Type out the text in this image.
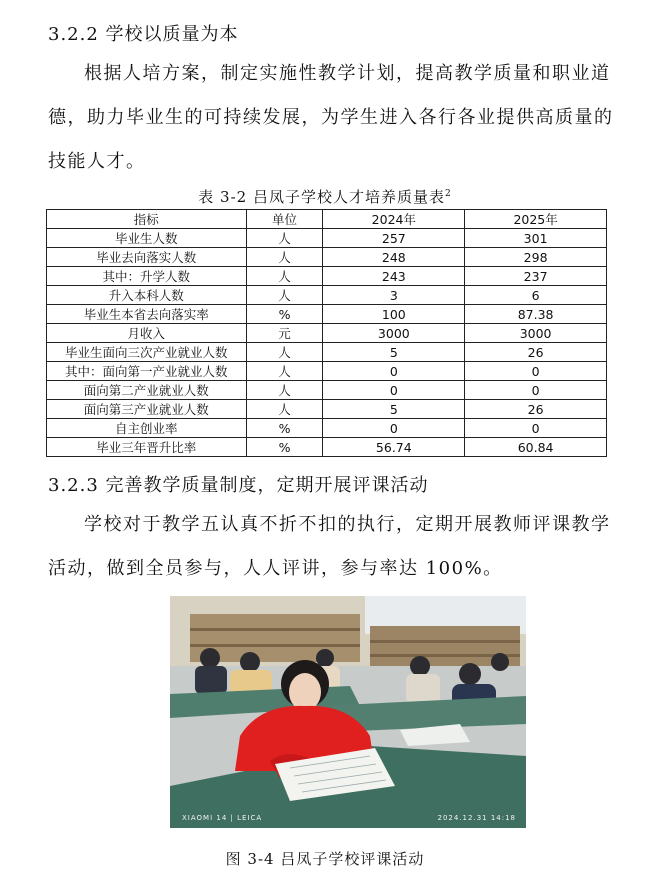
3.2.2 学校以质量为本

根据人培方案，制定实施性教学计划，提高教学质量和职业道德，助力毕业生的可持续发展，为学生进入各行各业提供高质量的技能人才。

表 3-2 吕凤子学校人才培养质量表$^2$
指标	单位	2024年	2025年
毕业生人数	人	257	301
毕业去向落实人数	人	248	298
其中：升学人数	人	243	237
升入本科人数	人	3	6
毕业生本省去向落实率	%	100	87.38
月收入	元	3000	3000
毕业生面向三次产业就业人数	人	5	26
其中：面向第一产业就业人数	人	0	0
面向第二产业就业人数	人	0	0
面向第三产业就业人数	人	5	26
自主创业率	%	0	0
毕业三年晋升比率	%	56.74	60.84
3.2.3 完善教学质量制度，定期开展评课活动

学校对于教学五认真不折不扣的执行，定期开展教师评课教学活动，做到全员参与，人人评讲，参与率达 100%。

XIAOMI 14 | LEICA	2024.12.31 14:18
图 3-4 吕凤子学校评课活动
